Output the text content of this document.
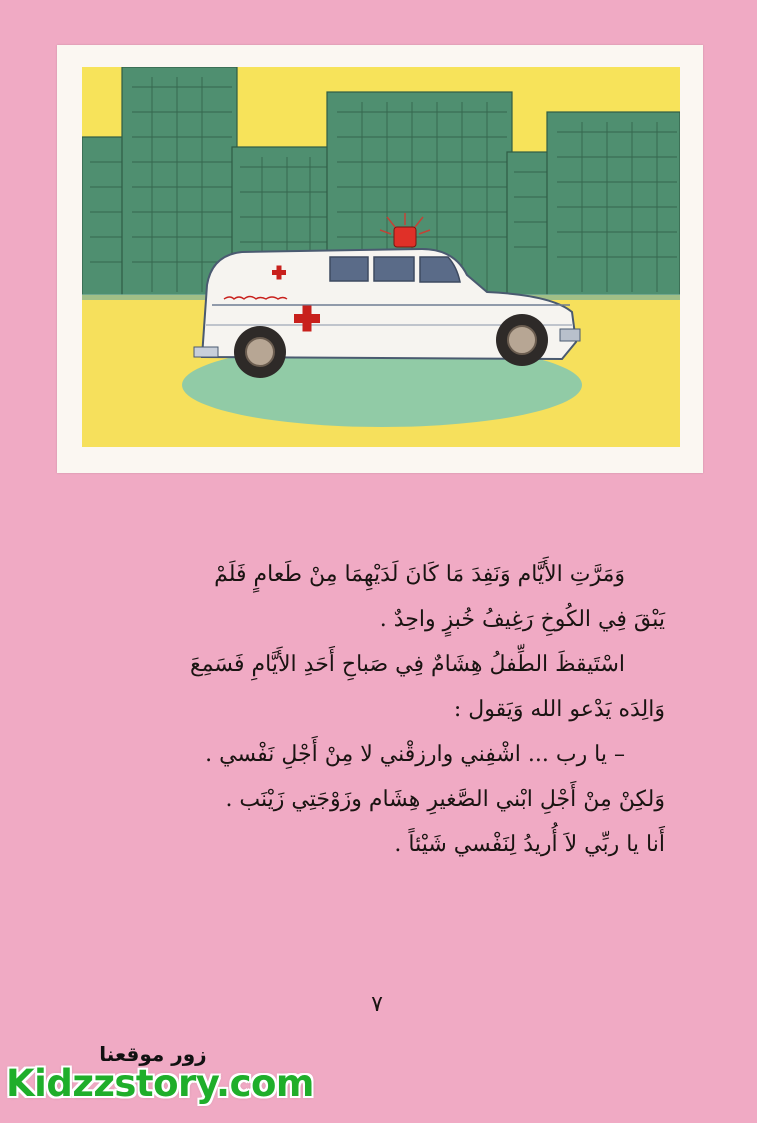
وَمَرَّتِ الأَيَّام وَنَفِدَ مَا كَانَ لَدَيْهِمَا مِنْ طَعامٍ فَلَمْ
يَبْقَ فِي الكُوخِ رَغِيفُ خُبزٍ واحِدٌ .
اسْتَيقظَ الطِّفلُ هِشَامٌ فِي صَباحِ أَحَدِ الأَيَّامِ فَسَمِعَ
وَالِدَه يَدْعو الله وَيَقول :
– يا رب ... اشْفِني وارزقْني لا مِنْ أَجْلِ نَفْسي .
وَلكِنْ مِنْ أَجْلِ ابْني الصَّغيرِ هِشَام وزَوْجَتِي زَيْنَب .
أَنا يا ربِّي لاَ أُريدُ لِنَفْسي شَيْئاً .
٧
زور موقعنا
Kidzzstory.com
